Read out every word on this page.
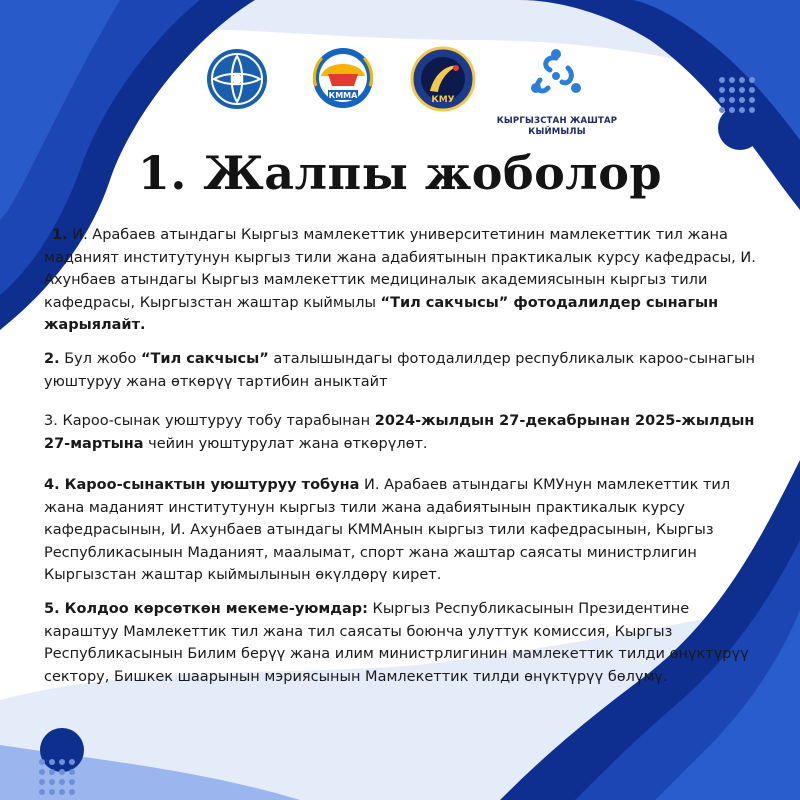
КММА	КМУ
КЫРГЫЗСТАН ЖАШТАР
КЫЙМЫЛЫ
1. Жалпы жоболор

1. И. Арабаев атындагы Кыргыз мамлекеттик университетинин мамлекеттик тил жана маданият институтунун кыргыз тили жана адабиятынын практикалык курсу кафедрасы, И. Ахунбаев атындагы Кыргыз мамлекеттик медициналык академиясынын кыргыз тили кафедрасы, Кыргызстан жаштар кыймылы “Тил сакчысы” фотодалилдер сынагын жарыялайт.

2. Бул жобо “Тил сакчысы” аталышындагы фотодалилдер республикалык кароо-сынагын уюштуруу жана өткөрүү тартибин аныктайт

3. Кароо-сынак уюштуруу тобу тарабынан 2024-жылдын 27-декабрынан 2025-жылдын 27-мартына чейин уюштурулат жана өткөрүлөт.

4. Кароо-сынактын уюштуруу тобуна И. Арабаев атындагы КМУнун мамлекеттик тил жана маданият институтунун кыргыз тили жана адабиятынын практикалык курсу кафедрасынын, И. Ахунбаев атындагы КММАнын кыргыз тили кафедрасынын, Кыргыз Республикасынын Маданият, маалымат, спорт жана жаштар саясаты министрлигин Кыргызстан жаштар кыймылынын өкүлдөрү кирет.

5. Колдоо көрсөткөн мекеме-уюмдар: Кыргыз Республикасынын Президентине караштуу Мамлекеттик тил жана тил саясаты боюнча улуттук комиссия, Кыргыз Республикасынын Билим берүү жана илим министрлигинин мамлекеттик тилди өнүктүрүү сектору, Бишкек шаарынын мэриясынын Мамлекеттик тилди өнүктүрүү бөлүмү.
